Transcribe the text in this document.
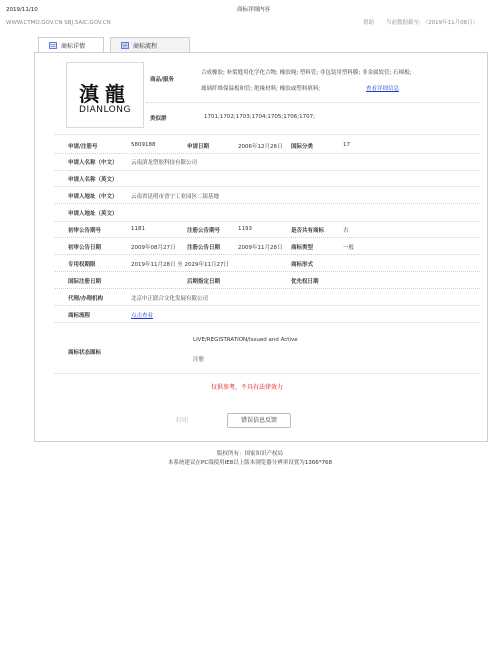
2019/11/10	商标详细内容
WWW.CTMO.GOV.CN SBJ.SAIC.GOV.CN	帮助 当前数据截至: （2019年11月08日）
商标详情	商标流程
滇龍
DIANLONG
商品/服务
合成橡胶; 补裂缝用化学化合物; 橡胶绳; 塑料管; 非包装用塑料膜; 非金属软管; 石棉板;
玻璃纤维保温板和管; 绝缘材料; 橡胶或塑料填料;	查看详细信息
类似群	1701;1702;1703;1704;1705;1706;1707;
申请/注册号	5809188	申请日期	2006年12月26日 国际分类	17
申请人名称（中文） 云南滇龙塑胶科技有限公司
申请人名称（英文）
申请人地址（中文） 云南省昆明市晋宁工业园区二街基地
申请人地址（英文）
初审公告期号	1181	注册公告期号	1193	是否共有商标	否
初审公告日期	2009年08月27日 注册公告日期	2009年11月28日 商标类型	一般
专用权期限	2019年11月28日 至 2029年11月27日	商标形式
国际注册日期	后期指定日期	优先权日期
代理/办理机构	北京中正联合文化发展有限公司
商标流程	点击查看
商标状态图标
LIVE/REGISTRATION/Issued and Active
注册
仅供参考，不具有法律效力
打印	错误信息反馈
版权所有：国家知识产权局
本系统建议在PC端使用IE8以上版本浏览器分辨率设置为1366*768
